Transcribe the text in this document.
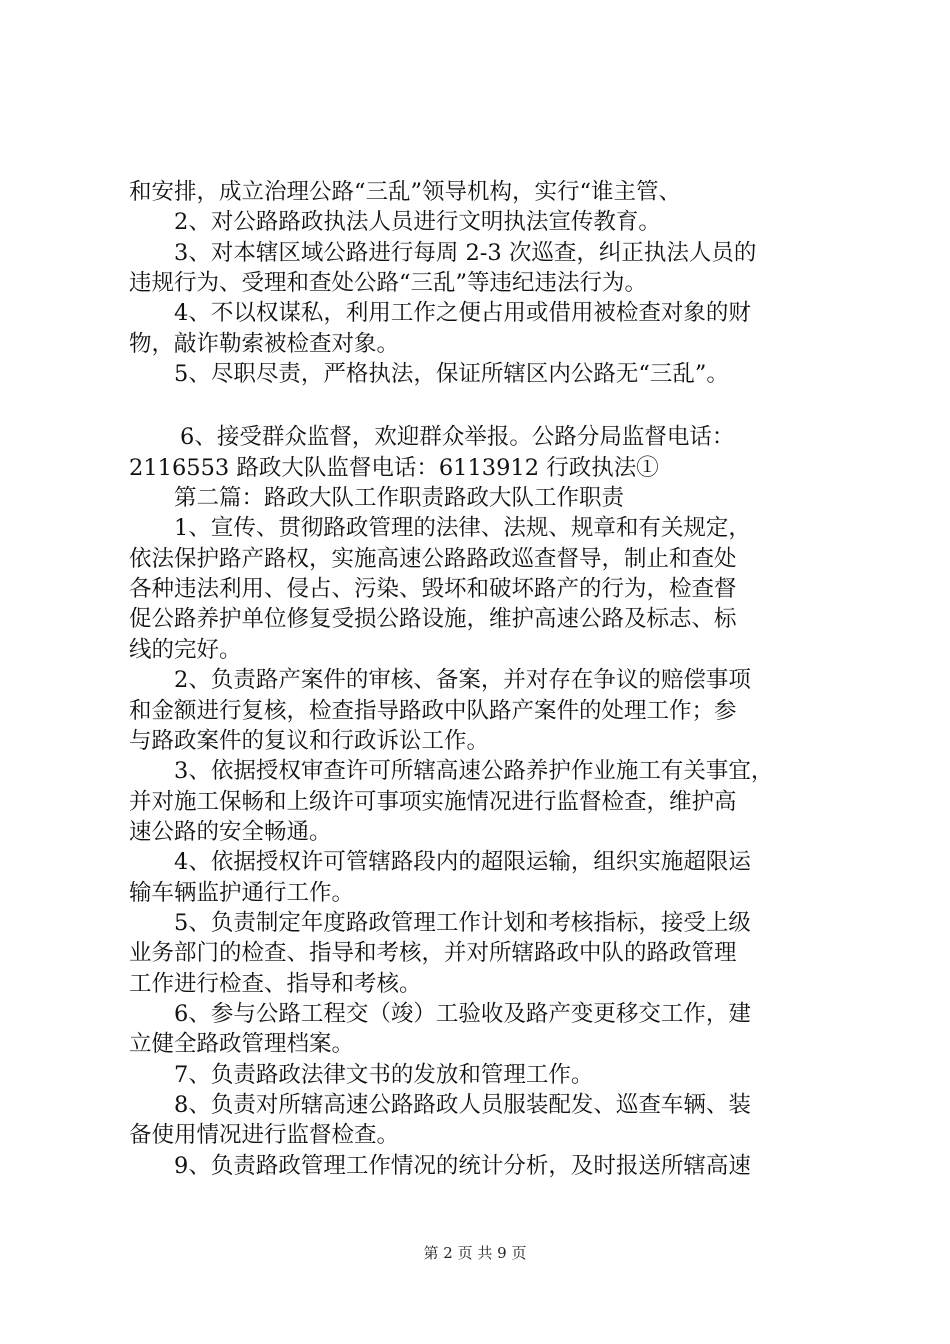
和安排，成立治理公路“三乱”领导机构，实行“谁主管、
2、对公路路政执法人员进行文明执法宣传教育。
3、对本辖区域公路进行每周 2-3 次巡查，纠正执法人员的
违规行为、受理和查处公路“三乱”等违纪违法行为。
4、不以权谋私，利用工作之便占用或借用被检查对象的财
物，敲诈勒索被检查对象。
5、尽职尽责，严格执法，保证所辖区内公路无“三乱”。
6、接受群众监督，欢迎群众举报。公路分局监督电话：
2116553 路政大队监督电话：6113912 行政执法①
第二篇：路政大队工作职责路政大队工作职责
1、宣传、贯彻路政管理的法律、法规、规章和有关规定，
依法保护路产路权，实施高速公路路政巡查督导，制止和查处
各种违法利用、侵占、污染、毁坏和破坏路产的行为，检查督
促公路养护单位修复受损公路设施，维护高速公路及标志、标
线的完好。
2、负责路产案件的审核、备案，并对存在争议的赔偿事项
和金额进行复核，检查指导路政中队路产案件的处理工作；参
与路政案件的复议和行政诉讼工作。
3、依据授权审查许可所辖高速公路养护作业施工有关事宜，
并对施工保畅和上级许可事项实施情况进行监督检查，维护高
速公路的安全畅通。
4、依据授权许可管辖路段内的超限运输，组织实施超限运
输车辆监护通行工作。
5、负责制定年度路政管理工作计划和考核指标，接受上级
业务部门的检查、指导和考核，并对所辖路政中队的路政管理
工作进行检查、指导和考核。
6、参与公路工程交（竣）工验收及路产变更移交工作，建
立健全路政管理档案。
7、负责路政法律文书的发放和管理工作。
8、负责对所辖高速公路路政人员服装配发、巡查车辆、装
备使用情况进行监督检查。
9、负责路政管理工作情况的统计分析，及时报送所辖高速
第 2 页 共 9 页
